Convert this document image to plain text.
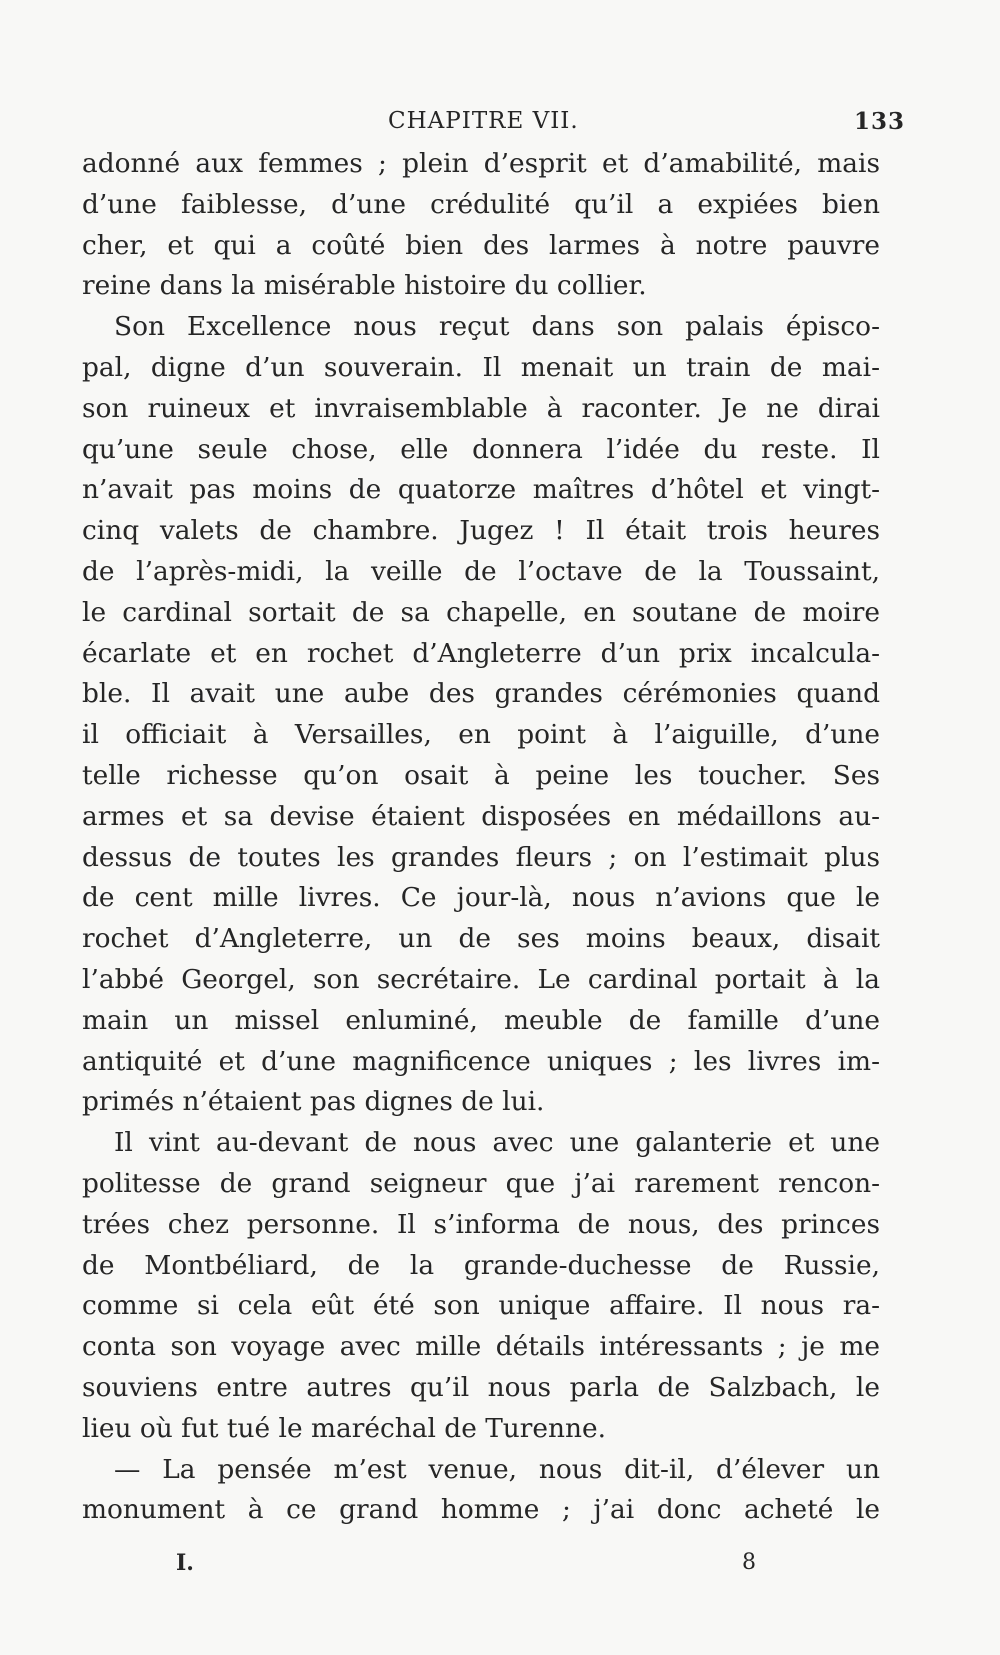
CHAPITRE VII.	133
adonné aux femmes ; plein d’esprit et d’amabilité, mais
d’une faiblesse, d’une crédulité qu’il a expiées bien
cher, et qui a coûté bien des larmes à notre pauvre
reine dans la misérable histoire du collier.
Son Excellence nous reçut dans son palais épisco-
pal, digne d’un souverain. Il menait un train de mai-
son ruineux et invraisemblable à raconter. Je ne dirai
qu’une seule chose, elle donnera l’idée du reste. Il
n’avait pas moins de quatorze maîtres d’hôtel et vingt-
cinq valets de chambre. Jugez ! Il était trois heures
de l’après-midi, la veille de l’octave de la Toussaint,
le cardinal sortait de sa chapelle, en soutane de moire
écarlate et en rochet d’Angleterre d’un prix incalcula-
ble. Il avait une aube des grandes cérémonies quand
il officiait à Versailles, en point à l’aiguille, d’une
telle richesse qu’on osait à peine les toucher. Ses
armes et sa devise étaient disposées en médaillons au-
dessus de toutes les grandes fleurs ; on l’estimait plus
de cent mille livres. Ce jour-là, nous n’avions que le
rochet d’Angleterre, un de ses moins beaux, disait
l’abbé Georgel, son secrétaire. Le cardinal portait à la
main un missel enluminé, meuble de famille d’une
antiquité et d’une magnificence uniques ; les livres im-
primés n’étaient pas dignes de lui.
Il vint au-devant de nous avec une galanterie et une
politesse de grand seigneur que j’ai rarement rencon-
trées chez personne. Il s’informa de nous, des princes
de Montbéliard, de la grande-duchesse de Russie,
comme si cela eût été son unique affaire. Il nous ra-
conta son voyage avec mille détails intéressants ; je me
souviens entre autres qu’il nous parla de Salzbach, le
lieu où fut tué le maréchal de Turenne.
— La pensée m’est venue, nous dit-il, d’élever un
monument à ce grand homme ; j’ai donc acheté le
I.	8
